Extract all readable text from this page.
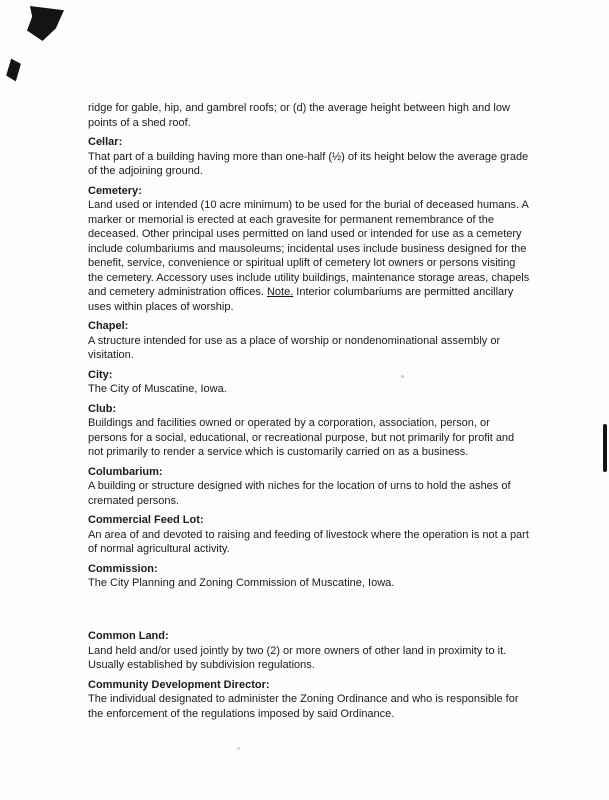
ridge for gable, hip, and gambrel roofs; or (d) the average height between high and low points of a shed roof.

Cellar:

That part of a building having more than one-half (½) of its height below the average grade of the adjoining ground.

Cemetery:

Land used or intended (10 acre minimum) to be used for the burial of deceased humans. A marker or memorial is erected at each gravesite for permanent remembrance of the deceased. Other principal uses permitted on land used or intended for use as a cemetery include columbariums and mausoleums; incidental uses include business designed for the benefit, service, convenience or spiritual uplift of cemetery lot owners or persons visiting the cemetery. Accessory uses include utility buildings, maintenance storage areas, chapels and cemetery administration offices. Note. Interior columbariums are permitted ancillary uses within places of worship.

Chapel:

A structure intended for use as a place of worship or nondenominational assembly or visitation.

City:

The City of Muscatine, Iowa.

Club:

Buildings and facilities owned or operated by a corporation, association, person, or persons for a social, educational, or recreational purpose, but not primarily for profit and not primarily to render a service which is customarily carried on as a business.

Columbarium:

A building or structure designed with niches for the location of urns to hold the ashes of cremated persons.

Commercial Feed Lot:

An area of and devoted to raising and feeding of livestock where the operation is not a part of normal agricultural activity.

Commission:

The City Planning and Zoning Commission of Muscatine, Iowa.

Common Land:

Land held and/or used jointly by two (2) or more owners of other land in proximity to it. Usually established by subdivision regulations.

Community Development Director:

The individual designated to administer the Zoning Ordinance and who is responsible for the enforcement of the regulations imposed by said Ordinance.
